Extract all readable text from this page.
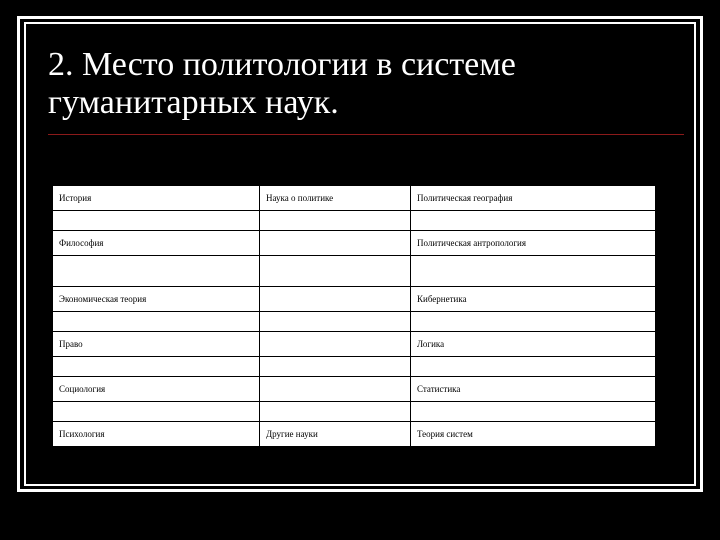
2. Место политологии в системе гуманитарных наук.
История	Наука о политике	Политическая география

Философия		Политическая антропология

Экономическая теория		Кибернетика

Право		Логика

Социология		Статистика

Психология	Другие науки	Теория систем
